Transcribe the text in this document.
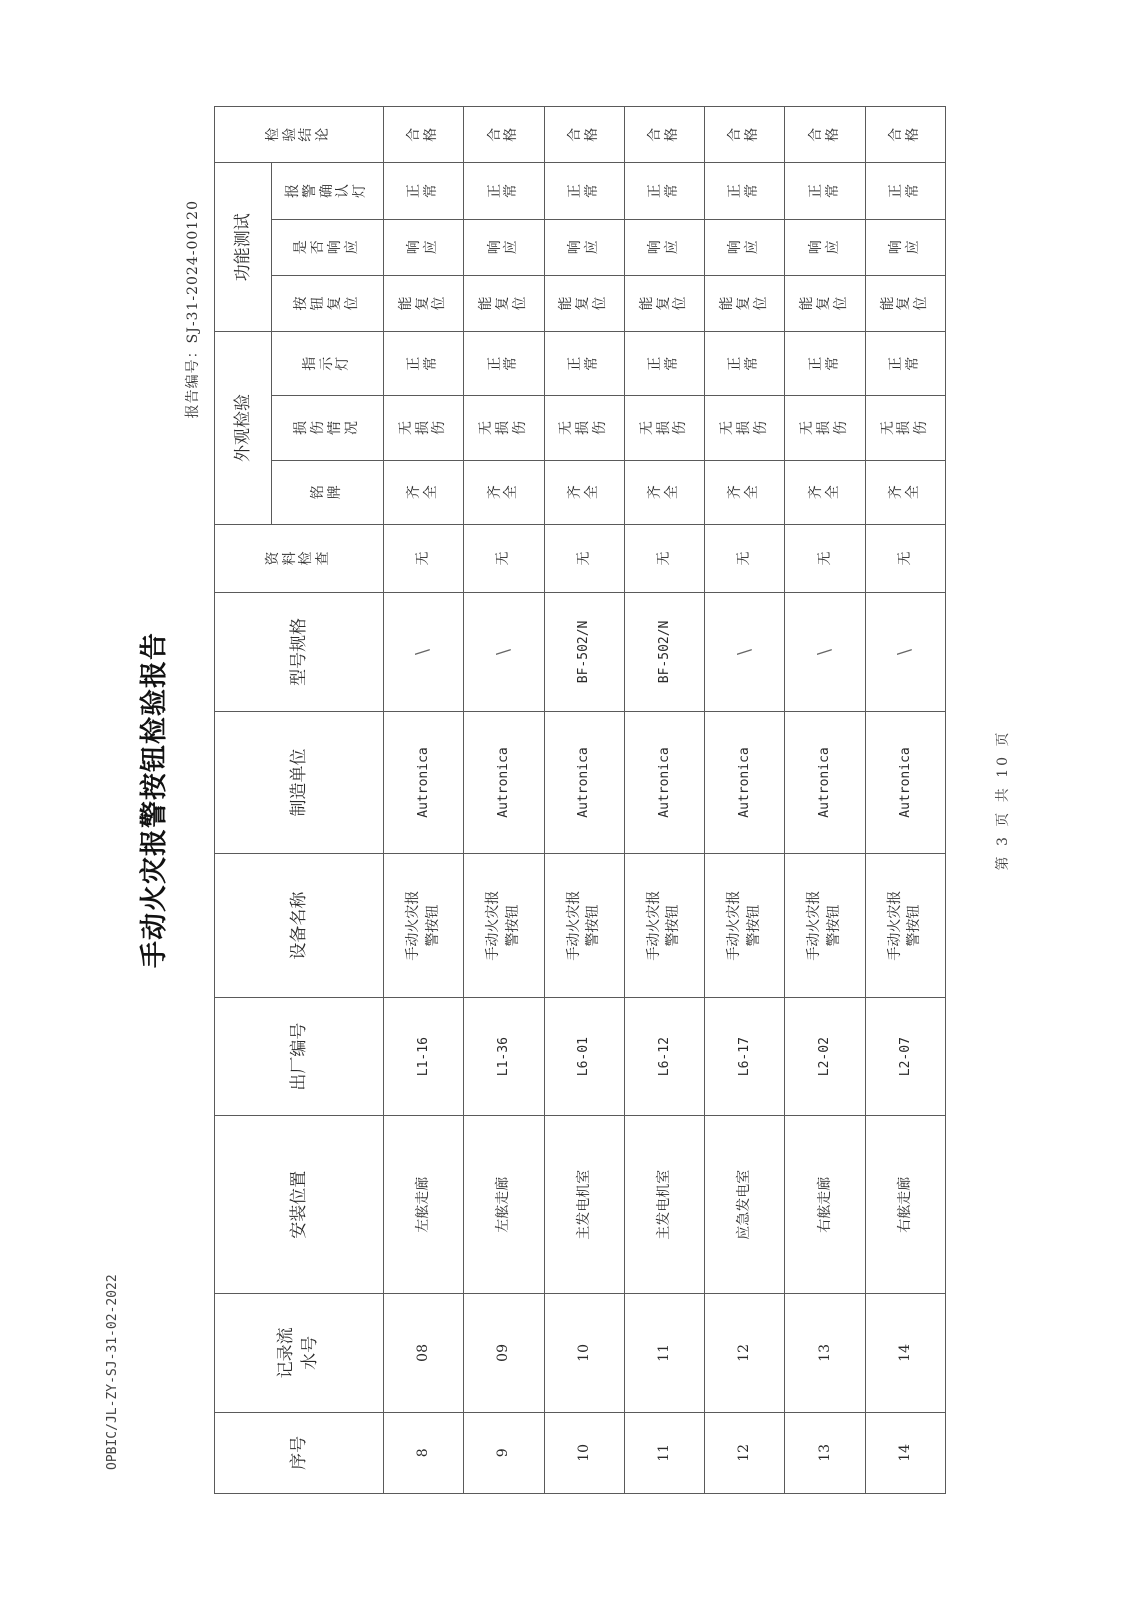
报告编号：SJ-31-2024-00120
手动火灾报警按钮检验报告
序号	记录流水号	安装位置	出厂编号	设备名称	制造单位	型号规格	资料检查	外观检验			功能测试			检验结论
								铭牌	损伤情况	指示灯	按钮复位	是否响应	报警确认灯	
8	08	左舷走廊	L1-16	手动火灾报警按钮	Autronica	\	无	齐全	无损伤	正常	能复位	响应	正常	合格
9	09	左舷走廊	L1-36	手动火灾报警按钮	Autronica	\	无	齐全	无损伤	正常	能复位	响应	正常	合格
10	10	主发电机室	L6-01	手动火灾报警按钮	Autronica	BF-502/N	无	齐全	无损伤	正常	能复位	响应	正常	合格
11	11	主发电机室	L6-12	手动火灾报警按钮	Autronica	BF-502/N	无	齐全	无损伤	正常	能复位	响应	正常	合格
12	12	应急发电室	L6-17	手动火灾报警按钮	Autronica	\	无	齐全	无损伤	正常	能复位	响应	正常	合格
13	13	右舷走廊	L2-02	手动火灾报警按钮	Autronica	\	无	齐全	无损伤	正常	能复位	响应	正常	合格
14	14	右舷走廊	L2-07	手动火灾报警按钮	Autronica	\	无	齐全	无损伤	正常	能复位	响应	正常	合格
OPBIC/JL-ZY-SJ-31-02-2022
第 3 页 共 10 页
